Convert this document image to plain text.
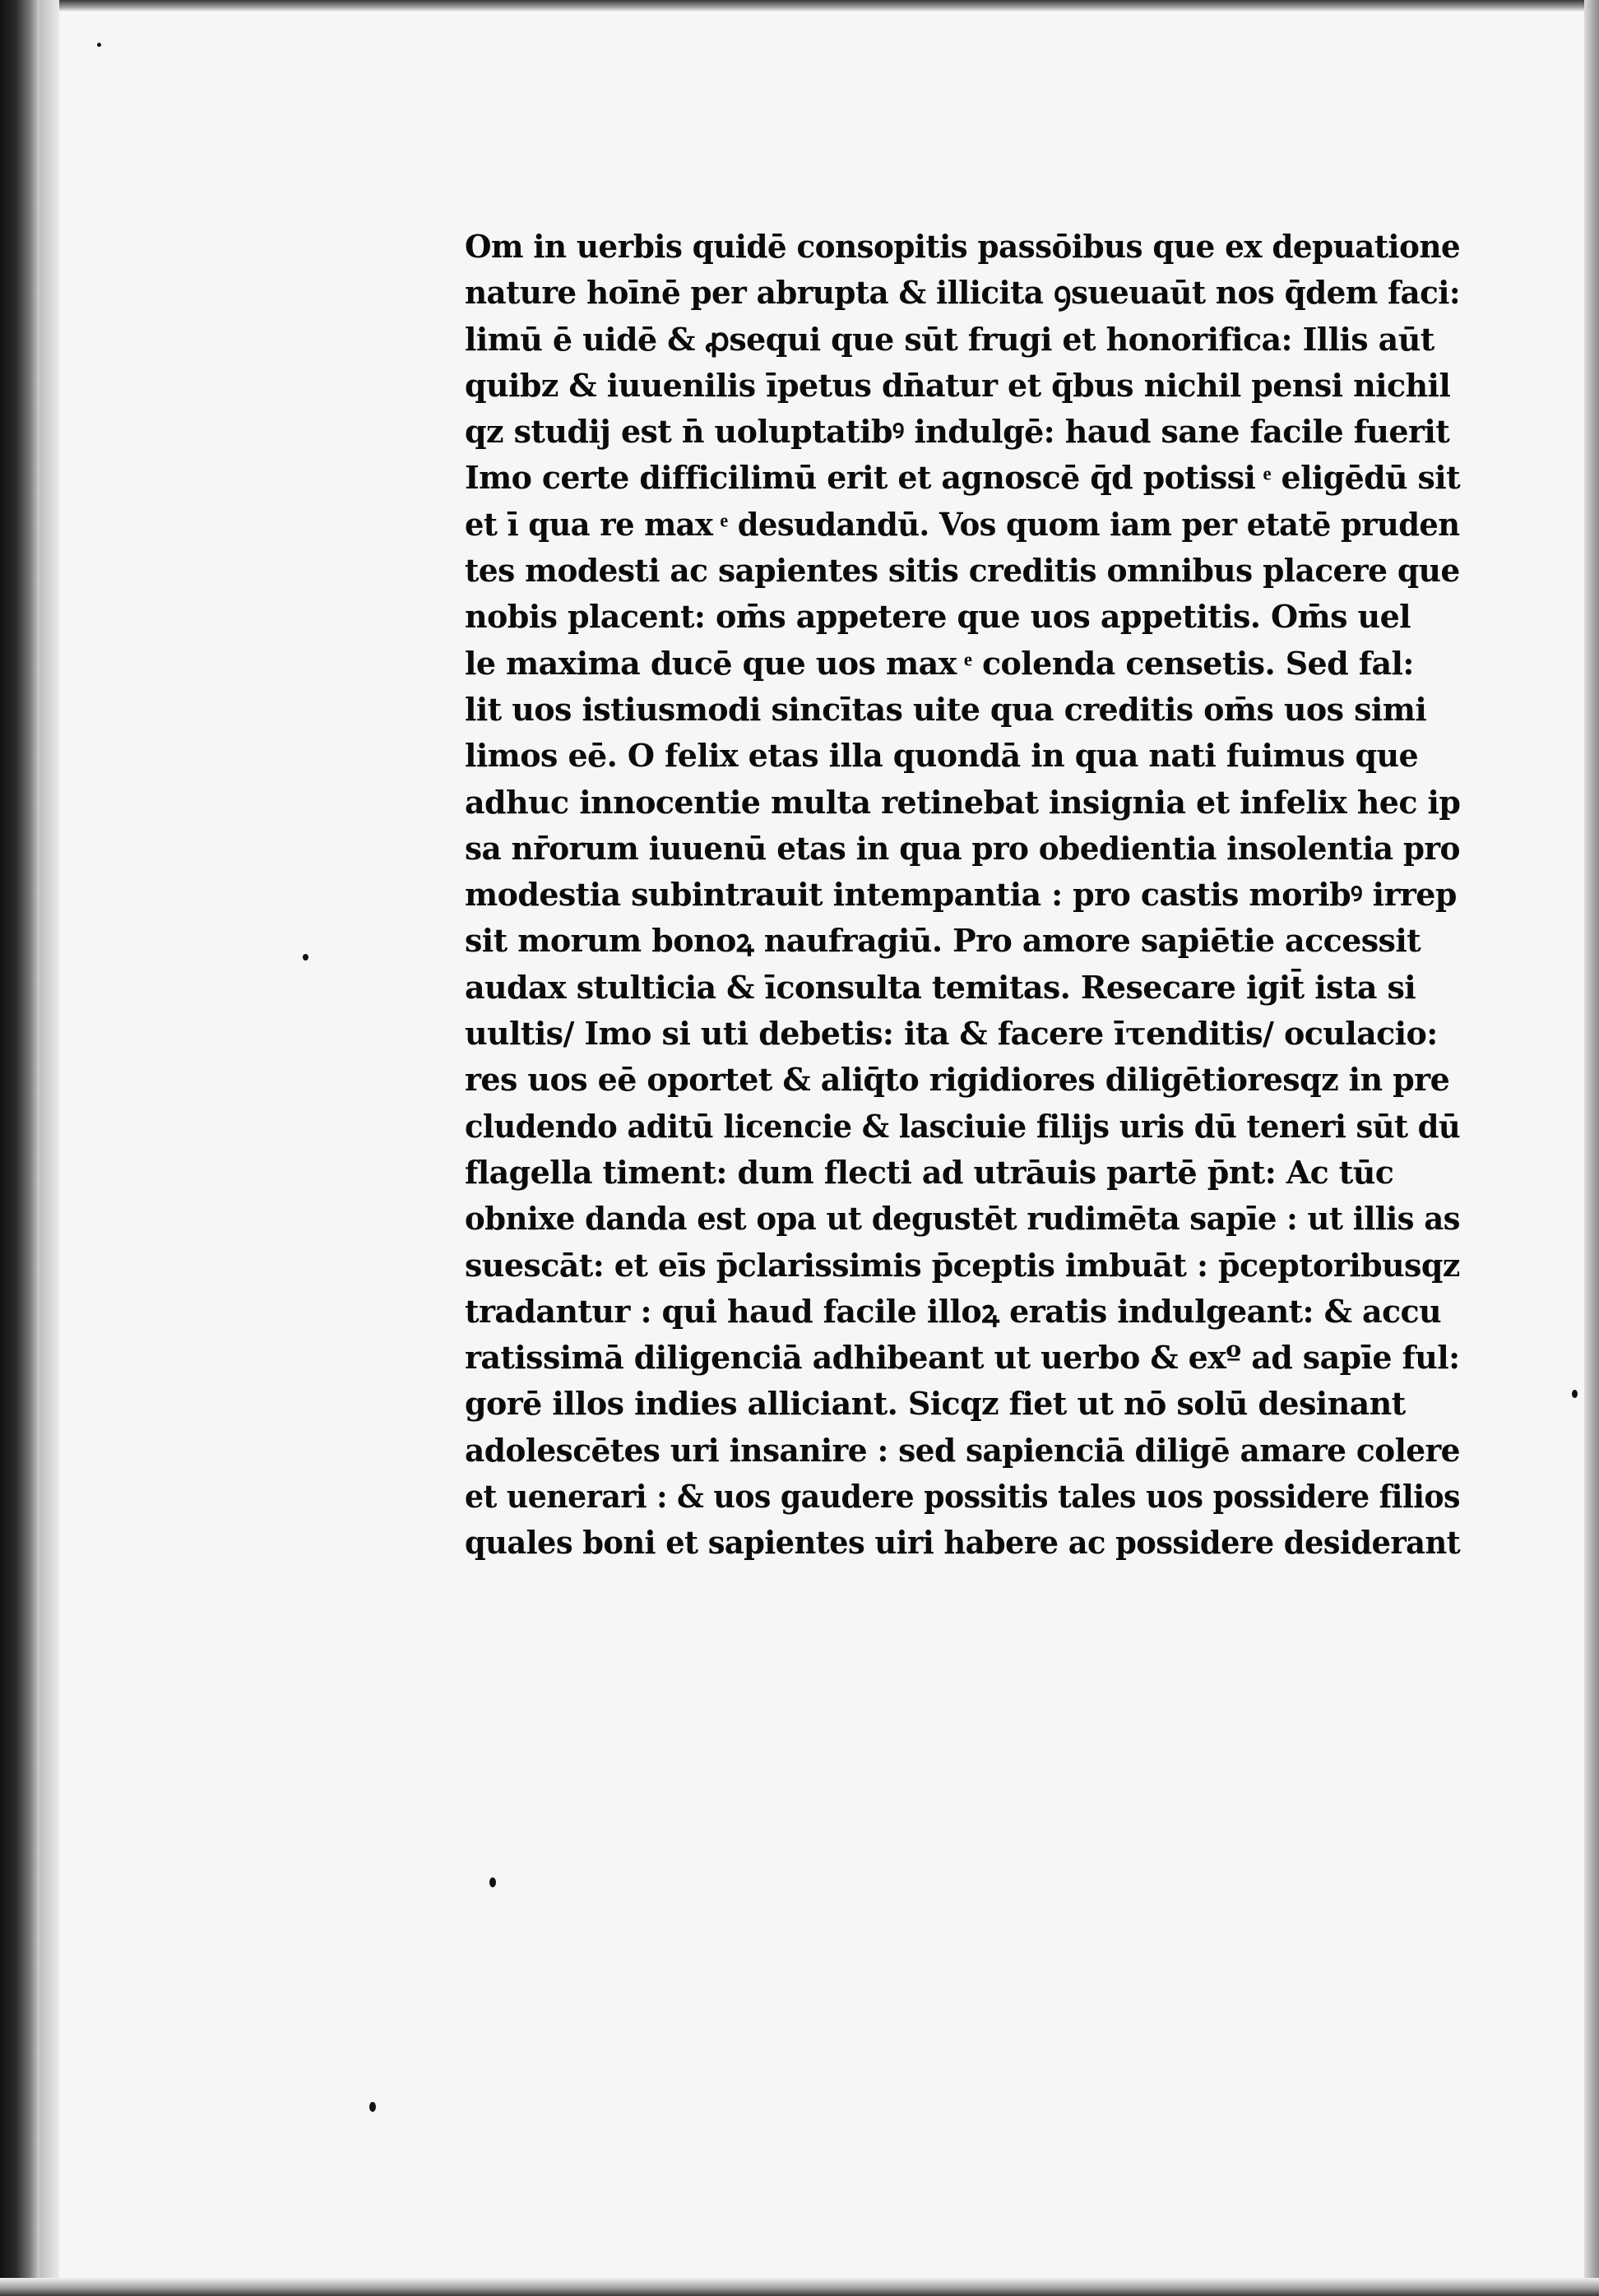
Om in uerbis quidē consopitis passōibus que ex depuatione
nature hoīnē per abrupta & illicita ꝯsueuaūt nos q̄dem faci:
limū ē uidē & ꝓsequi que sūt frugi et honorifica: Illis aūt
quibz & iuuenilis īpetus dn̄atur et q̄bus nichil pensi nichil
qz studij est n̄ uoluptatibꝰ indulgē: haud sane facile fuerit
Imo certe difficilimū erit et agnoscē q̄d potissi ͤ eligēdū sit
et ī qua re max ͤ desudandū. Vos quom iam per etatē pruden
tes modesti ac sapientes sitis creditis omnibus placere que
nobis placent: om̄s appetere que uos appetitis. Om̄s uel
le maxima ducē que uos max ͤ colenda censetis. Sed fal:
lit uos istiusmodi sincītas uite qua creditis om̄s uos simi
limos eē. O felix etas illa quondā in qua nati fuimus que
adhuc innocentie multa retinebat insignia et infelix hec ip
sa nr̄orum iuuenū etas in qua pro obedientia insolentia pro
modestia subintrauit intempantia : pro castis moribꝰ irrep
sit morum bonoꝝ naufragiū. Pro amore sapiētie accessit
audax stulticia & īconsulta temitas. Resecare igit̄ ista si
uultis/ Imo si uti debetis: ita & facere īτenditis/ oculacio:
res uos eē oportet & aliq̄to rigidiores diligētioresqz in pre
cludendo aditū licencie & lasciuie filijs uris dū teneri sūt dū
flagella timent: dum flecti ad utrāuis partē p̄nt: Ac tūc
obnixe danda est opa ut degustēt rudimēta sapīe : ut illis as
suescāt: et eīs p̄clarissimis p̄ceptis imbuāt : p̄ceptoribusqz
tradantur : qui haud facile illoꝝ eratis indulgeant: & accu
ratissimā diligenciā adhibeant ut uerbo & exº ad sapīe ful:
gorē illos indies alliciant. Sicqz fiet ut nō solū desinant
adolescētes uri insanire : sed sapienciā diligē amare colere
et uenerari : & uos gaudere possitis tales uos possidere filios
quales boni et sapientes uiri habere ac possidere desiderant
